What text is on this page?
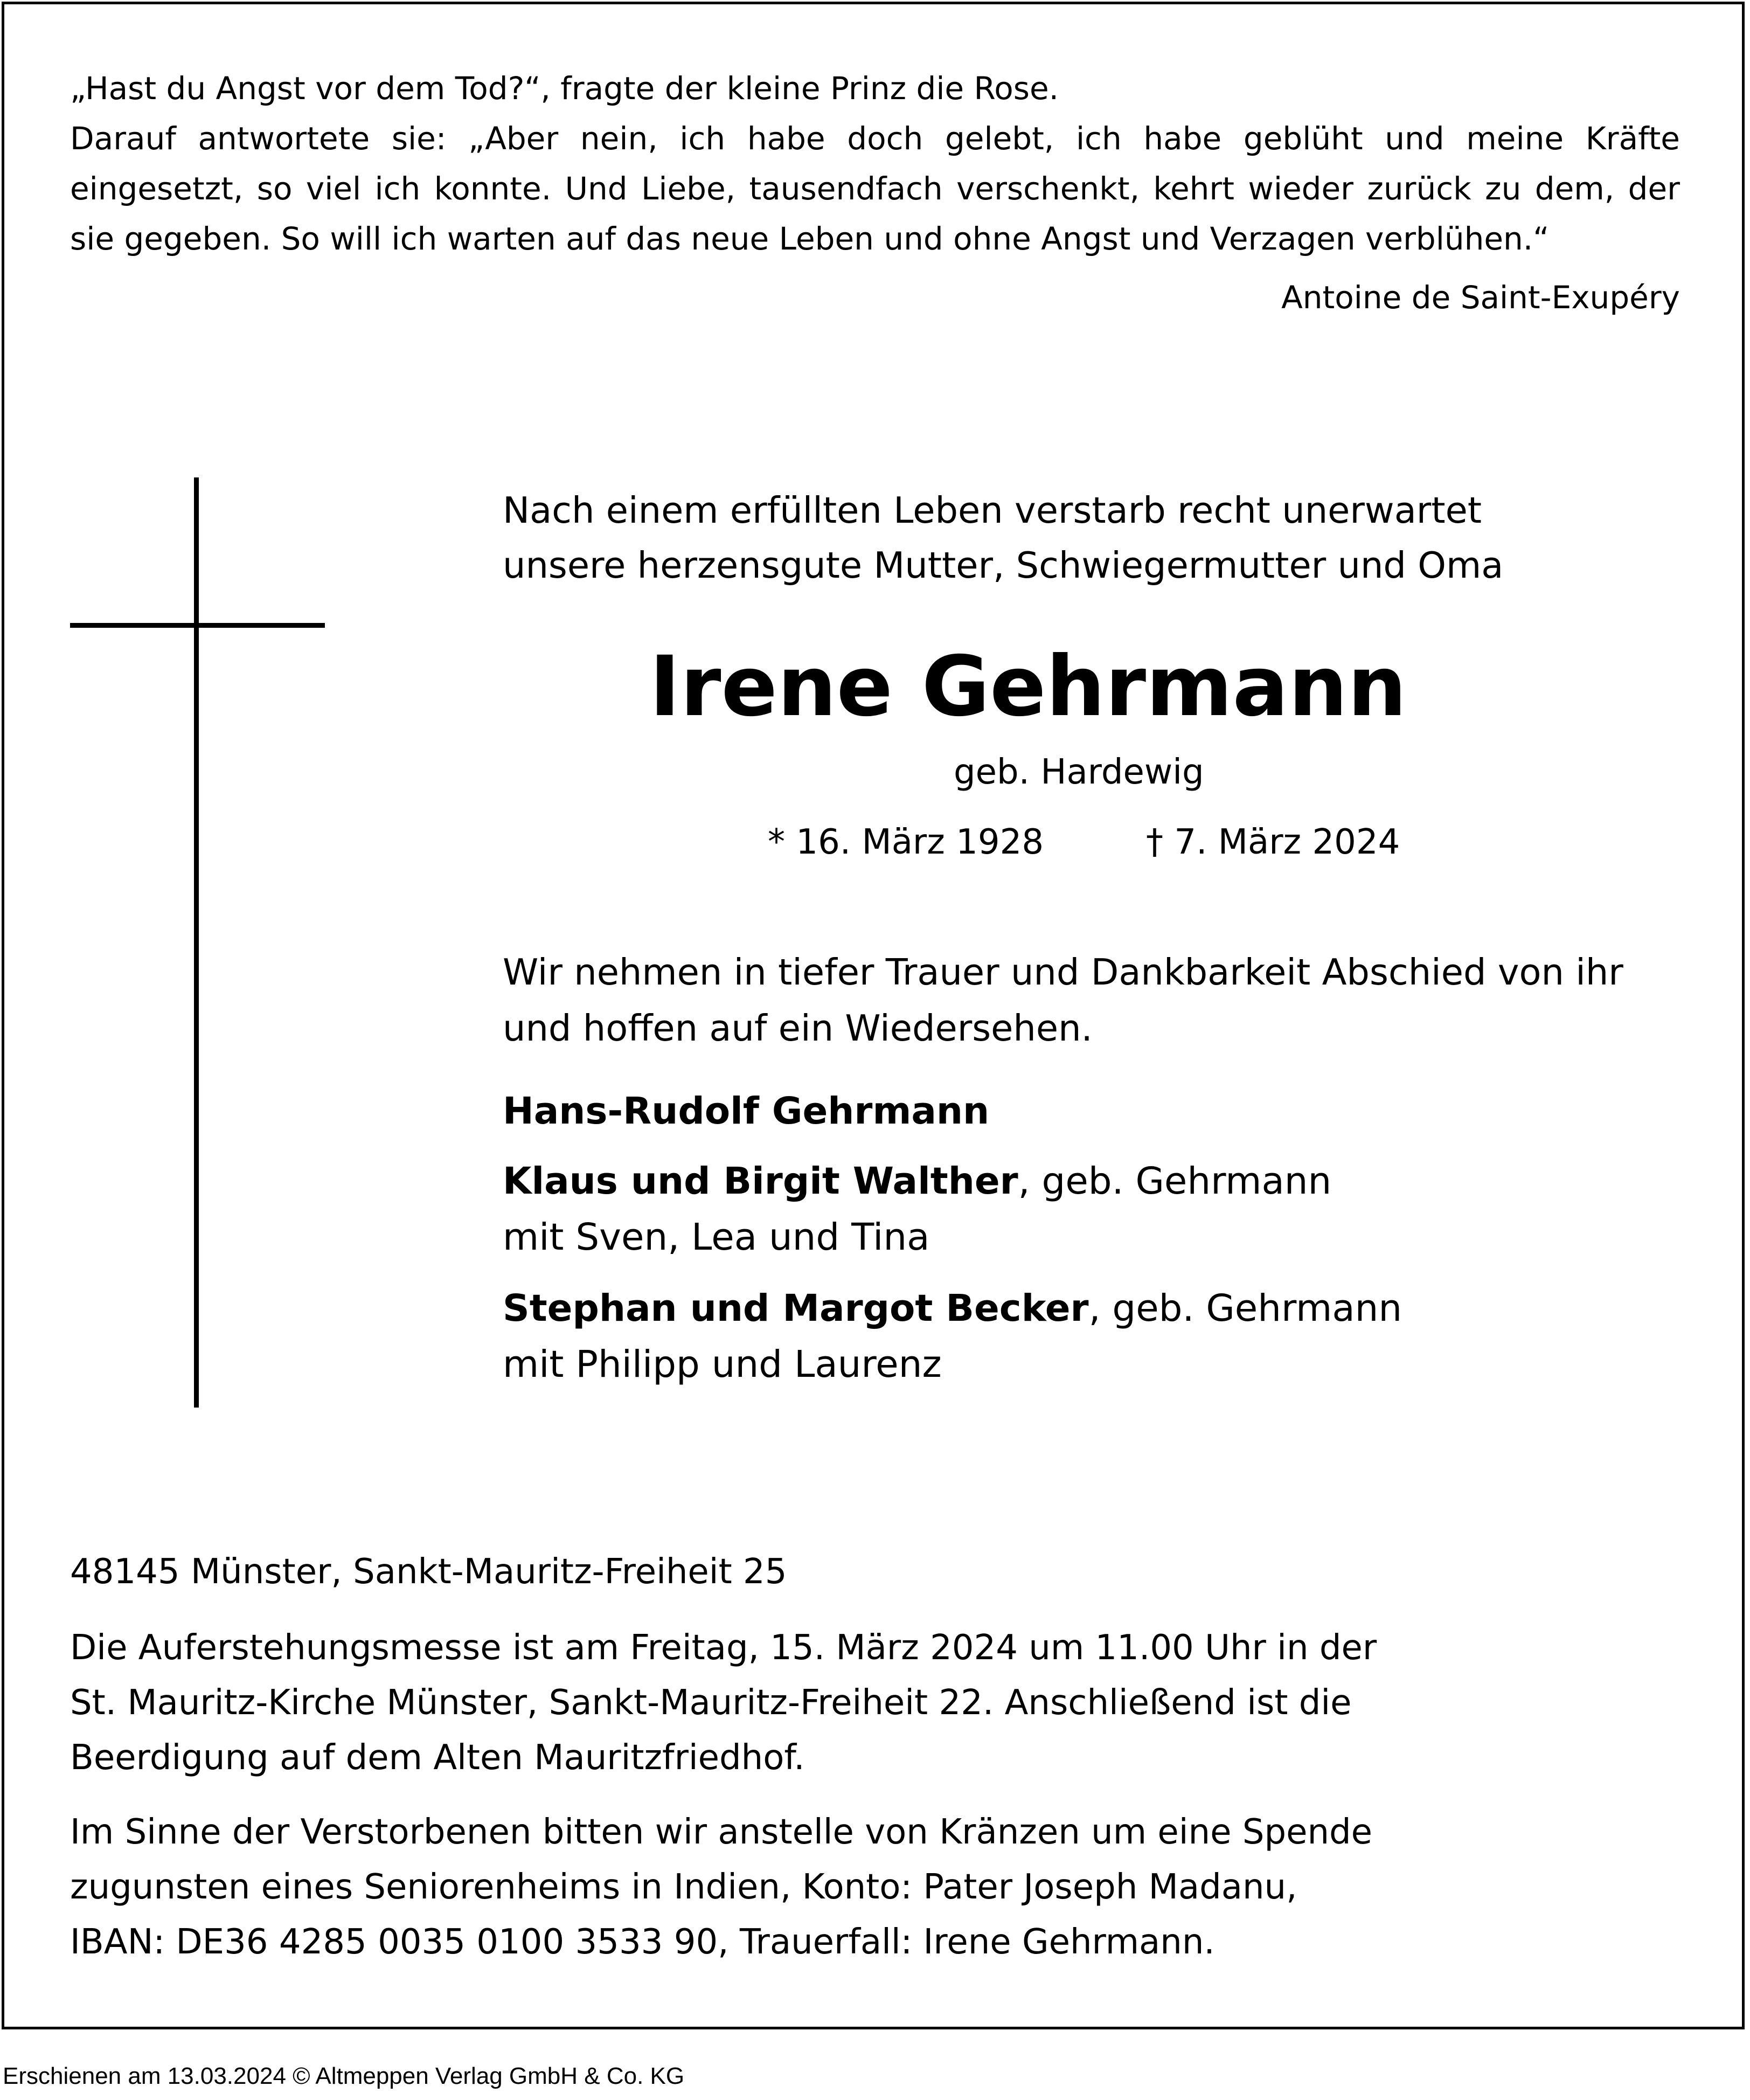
„Hast du Angst vor dem Tod?“, fragte der kleine Prinz die Rose.
Darauf antwortete sie: „Aber nein, ich habe doch gelebt, ich habe geblüht und meine Kräfte eingesetzt, so viel ich konnte. Und Liebe, tausendfach verschenkt, kehrt wieder zurück zu dem, der sie gegeben. So will ich warten auf das neue Leben und ohne Angst und Verzagen verblühen.“
Antoine de Saint-Exupéry
Nach einem erfüllten Leben verstarb recht unerwartet
unsere herzensgute Mutter, Schwiegermutter und Oma
Irene Gehrmann
geb. Hardewig
* 16. März 1928	† 7. März 2024
Wir nehmen in tiefer Trauer und Dankbarkeit Abschied von ihr
und hoffen auf ein Wiedersehen.
Hans-Rudolf Gehrmann
Klaus und Birgit Walther, geb. Gehrmann
mit Sven, Lea und Tina
Stephan und Margot Becker, geb. Gehrmann
mit Philipp und Laurenz
48145 Münster, Sankt-Mauritz-Freiheit 25
Die Auferstehungsmesse ist am Freitag, 15. März 2024 um 11.00 Uhr in der
St. Mauritz-Kirche Münster, Sankt-Mauritz-Freiheit 22. Anschließend ist die
Beerdigung auf dem Alten Mauritzfriedhof.
Im Sinne der Verstorbenen bitten wir anstelle von Kränzen um eine Spende
zugunsten eines Seniorenheims in Indien, Konto: Pater Joseph Madanu,
IBAN: DE36 4285 0035 0100 3533 90, Trauerfall: Irene Gehrmann.
Erschienen am 13.03.2024 © Altmeppen Verlag GmbH & Co. KG
